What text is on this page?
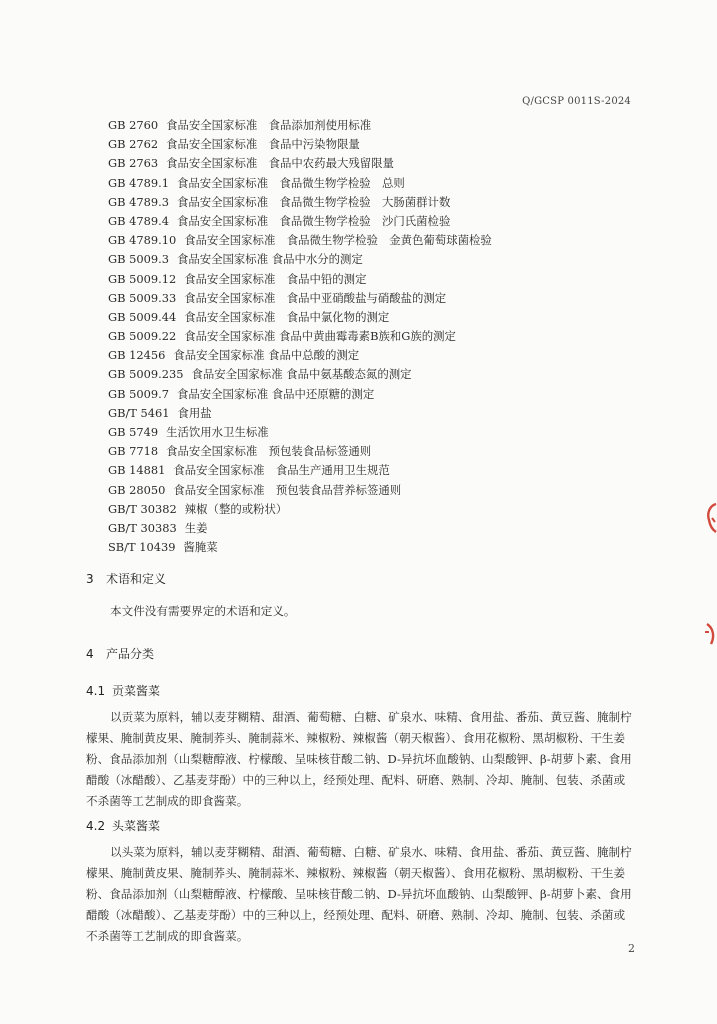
Q/GCSP 0011S-2024
GB 2760 食品安全国家标准　食品添加剂使用标准
GB 2762 食品安全国家标准　食品中污染物限量
GB 2763 食品安全国家标准　食品中农药最大残留限量
GB 4789.1 食品安全国家标准　食品微生物学检验　总则
GB 4789.3 食品安全国家标准　食品微生物学检验　大肠菌群计数
GB 4789.4 食品安全国家标准　食品微生物学检验　沙门氏菌检验
GB 4789.10 食品安全国家标准　食品微生物学检验　金黄色葡萄球菌检验
GB 5009.3 食品安全国家标准 食品中水分的测定
GB 5009.12 食品安全国家标准　食品中铅的测定
GB 5009.33 食品安全国家标准　食品中亚硝酸盐与硝酸盐的测定
GB 5009.44 食品安全国家标准　食品中氯化物的测定
GB 5009.22 食品安全国家标准 食品中黄曲霉毒素B族和G族的测定
GB 12456 食品安全国家标准 食品中总酸的测定
GB 5009.235 食品安全国家标准 食品中氨基酸态氮的测定
GB 5009.7 食品安全国家标准 食品中还原糖的测定
GB/T 5461 食用盐
GB 5749 生活饮用水卫生标准
GB 7718 食品安全国家标准　预包装食品标签通则
GB 14881 食品安全国家标准　食品生产通用卫生规范
GB 28050 食品安全国家标准　预包装食品营养标签通则
GB/T 30382 辣椒（整的或粉状）
GB/T 30383 生姜
SB/T 10439 酱腌菜
3 术语和定义

本文件没有需要界定的术语和定义。

4 产品分类
4.1 贡菜酱菜

以贡菜为原料，辅以麦芽糊精、甜酒、葡萄糖、白糖、矿泉水、味精、食用盐、番茄、黄豆酱、腌制柠檬果、腌制黄皮果、腌制荞头、腌制蒜米、辣椒粉、辣椒酱（朝天椒酱）、食用花椒粉、黑胡椒粉、干生姜粉、食品添加剂（山梨糖醇液、柠檬酸、呈味核苷酸二钠、D-异抗坏血酸钠、山梨酸钾、β-胡萝卜素、食用醋酸（冰醋酸）、乙基麦芽酚）中的三种以上，经预处理、配料、研磨、熟制、冷却、腌制、包装、杀菌或不杀菌等工艺制成的即食酱菜。

4.2 头菜酱菜

以头菜为原料，辅以麦芽糊精、甜酒、葡萄糖、白糖、矿泉水、味精、食用盐、番茄、黄豆酱、腌制柠檬果、腌制黄皮果、腌制荞头、腌制蒜米、辣椒粉、辣椒酱（朝天椒酱）、食用花椒粉、黑胡椒粉、干生姜粉、食品添加剂（山梨糖醇液、柠檬酸、呈味核苷酸二钠、D-异抗坏血酸钠、山梨酸钾、β-胡萝卜素、食用醋酸（冰醋酸）、乙基麦芽酚）中的三种以上，经预处理、配料、研磨、熟制、冷却、腌制、包装、杀菌或不杀菌等工艺制成的即食酱菜。

2
